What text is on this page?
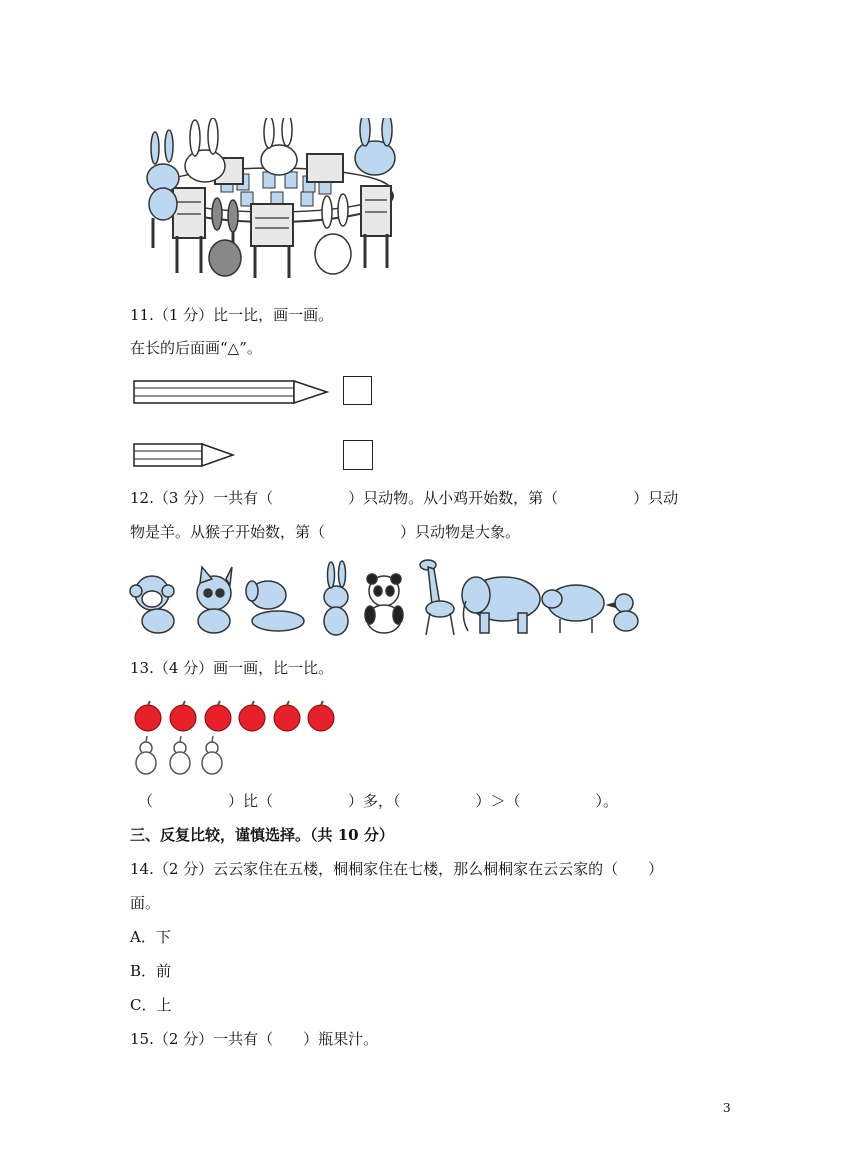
11.（1 分）比一比，画一画。
在长的后面画“△”。
12.（3 分）一共有（　　　　　）只动物。从小鸡开始数，第（　　　　　）只动
物是羊。从猴子开始数，第（　　　　　）只动物是大象。
13.（4 分）画一画，比一比。
（　　　　　）比（　　　　　）多，（　　　　　）＞（　　　　　）。
三、反复比较，谨慎选择。（共 10 分）
14.（2 分）云云家住在五楼，桐桐家住在七楼，那么桐桐家在云云家的（　　）
面。
A．下
B．前
C．上
15.（2 分）一共有（　　）瓶果汁。
3
